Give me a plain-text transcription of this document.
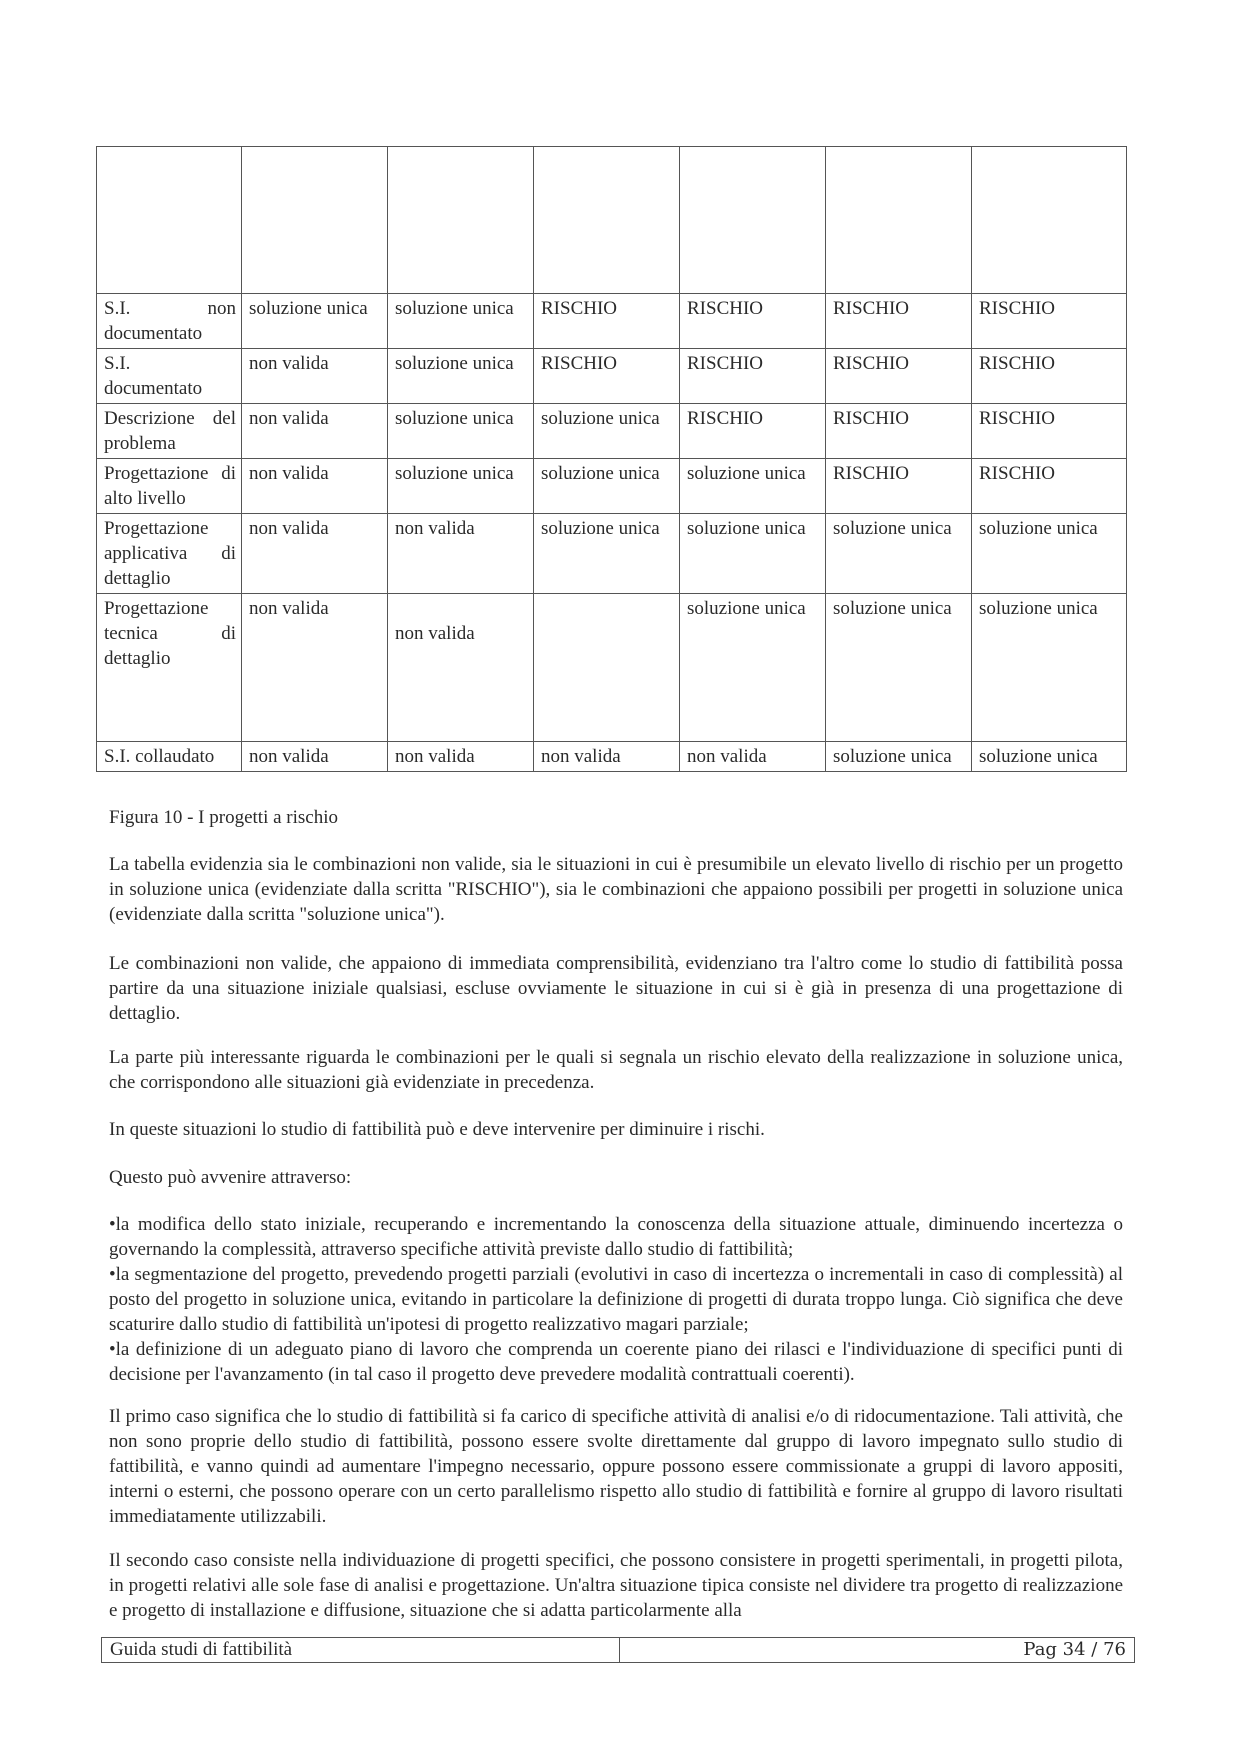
S.I. non
documentato	soluzione unica	soluzione unica	RISCHIO	RISCHIO	RISCHIO	RISCHIO

S.I.
documentato	non valida	soluzione unica	RISCHIO	RISCHIO	RISCHIO	RISCHIO
Descrizione del problema	non valida	soluzione unica	soluzione unica	RISCHIO	RISCHIO	RISCHIO
Progettazione di alto livello	non valida	soluzione unica	soluzione unica	soluzione unica	RISCHIO	RISCHIO

Progettazione
applicativa di
dettaglio	non valida	non valida	soluzione unica	soluzione unica	soluzione unica	soluzione unica

Progettazione
tecnica di
dettaglio	non valida	non valida		soluzione unica	soluzione unica	soluzione unica
S.I. collaudato	non valida	non valida	non valida	non valida	soluzione unica	soluzione unica

Figura 10 - I progetti a rischio

La tabella evidenzia sia le combinazioni non valide, sia le situazioni in cui è presumibile un elevato livello di rischio per un progetto in soluzione unica (evidenziate dalla scritta "RISCHIO"), sia le combinazioni che appaiono possibili per progetti in soluzione unica (evidenziate dalla scritta "soluzione unica").

Le combinazioni non valide, che appaiono di immediata comprensibilità, evidenziano tra l'altro come lo studio di fattibilità possa partire da una situazione iniziale qualsiasi, escluse ovviamente le situazione in cui si è già in presenza di una progettazione di dettaglio.

La parte più interessante riguarda le combinazioni per le quali si segnala un rischio elevato della realizzazione in soluzione unica, che corrispondono alle situazioni già evidenziate in precedenza.

In queste situazioni lo studio di fattibilità può e deve intervenire per diminuire i rischi.

Questo può avvenire attraverso:

•la modifica dello stato iniziale, recuperando e incrementando la conoscenza della situazione attuale, diminuendo incertezza o governando la complessità, attraverso specifiche attività previste dallo studio di fattibilità;
•la segmentazione del progetto, prevedendo progetti parziali (evolutivi in caso di incertezza o incrementali in caso di complessità) al posto del progetto in soluzione unica, evitando in particolare la definizione di progetti di durata troppo lunga. Ciò significa che deve scaturire dallo studio di fattibilità un'ipotesi di progetto realizzativo magari parziale;
•la definizione di un adeguato piano di lavoro che comprenda un coerente piano dei rilasci e l'individuazione di specifici punti di decisione per l'avanzamento (in tal caso il progetto deve prevedere modalità contrattuali coerenti).

Il primo caso significa che lo studio di fattibilità si fa carico di specifiche attività di analisi e/o di ridocumentazione. Tali attività, che non sono proprie dello studio di fattibilità, possono essere svolte direttamente dal gruppo di lavoro impegnato sullo studio di fattibilità, e vanno quindi ad aumentare l'impegno necessario, oppure possono essere commissionate a gruppi di lavoro appositi, interni o esterni, che possono operare con un certo parallelismo rispetto allo studio di fattibilità e fornire al gruppo di lavoro risultati immediatamente utilizzabili.

Il secondo caso consiste nella individuazione di progetti specifici, che possono consistere in progetti sperimentali, in progetti pilota, in progetti relativi alle sole fase di analisi e progettazione. Un'altra situazione tipica consiste nel dividere tra progetto di realizzazione e progetto di installazione e diffusione, situazione che si adatta particolarmente alla

Guida studi di fattibilità	Pag 34 / 76
